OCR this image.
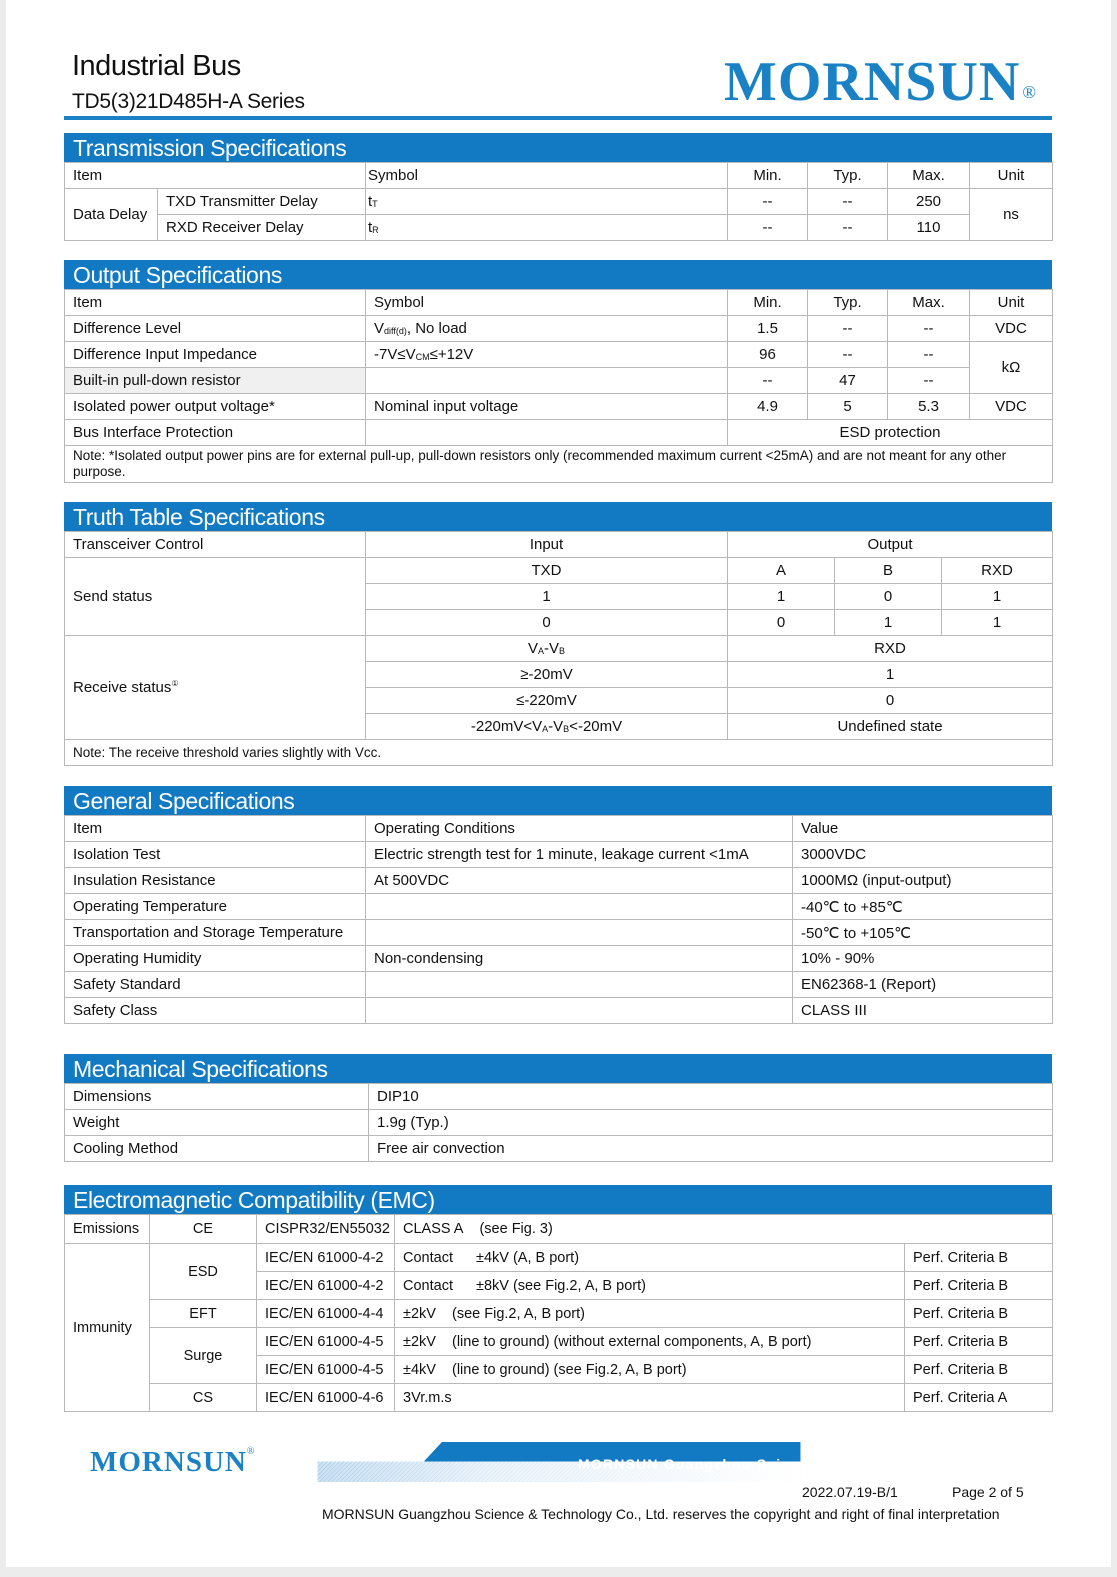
Industrial Bus
TD5(3)21D485H-A Series	MORNSUN ®
Transmission Specifications
Item		Symbol	Min.	Typ.	Max.	Unit
Data Delay	TXD Transmitter Delay	$t_T$	--	--	250	ns
	RXD Receiver Delay	$t_R$	--	--	110	
Output Specifications
Item	Symbol	Min.	Typ.	Max.	Unit
Difference Level	$V_{diff(d)}$, No load	1.5	--	--	VDC
Difference Input Impedance	$-7V\le V_{CM}\le+12V$	96	--	--	kΩ
Built-in pull-down resistor		--	47	--	
Isolated power output voltage*	Nominal input voltage	4.9	5	5.3	VDC
Bus Interface Protection		ESD protection			
Note: *Isolated output power pins are for external pull-up, pull-down resistors only (recommended maximum current <25mA) and are not meant for any other purpose.					
Truth Table Specifications
Transceiver Control	Input	Output		
Send status	TXD	A	B	RXD
	1	1	0	1
	0	0	1	1
Receive status①	$V_A-V_B$	RXD		
	≥-20mV	1		
	≤-220mV	0		
	$-220mV<V_A-V_B<-20mV$	Undefined state		
Note: The receive threshold varies slightly with Vcc.				
General Specifications
Item	Operating Conditions	Value
Isolation Test	Electric strength test for 1 minute, leakage current <1mA	3000VDC
Insulation Resistance	At 500VDC	1000MΩ (input-output)
Operating Temperature		-40℃ to +85℃
Transportation and Storage Temperature		-50℃ to +105℃
Operating Humidity	Non-condensing	10% - 90%
Safety Standard		EN62368-1 (Report)
Safety Class		CLASS III
Mechanical Specifications
Dimensions	DIP10
Weight	1.9g (Typ.)
Cooling Method	Free air convection
Electromagnetic Compatibility (EMC)
Emissions	CE	CISPR32/EN55032	CLASS A (see Fig. 3)	
Immunity	ESD	IEC/EN 61000-4-2	Contact ±4kV (A, B port)	Perf. Criteria B
		IEC/EN 61000-4-2	Contact ±8kV (see Fig.2, A, B port)	Perf. Criteria B
	EFT	IEC/EN 61000-4-4	±2kV (see Fig.2, A, B port)	Perf. Criteria B
	Surge	IEC/EN 61000-4-5	±2kV (line to ground) (without external components, A, B port)	Perf. Criteria B
		IEC/EN 61000-4-5	±4kV (line to ground) (see Fig.2, A, B port)	Perf. Criteria B
	CS	IEC/EN 61000-4-6	3Vr.m.s	Perf. Criteria A
MORNSUN®
MORNSUN Guangzhou Science & Technology Co., Ltd.
2022.07.19-B/1	Page 2 of 5
MORNSUN Guangzhou Science & Technology Co., Ltd. reserves the copyright and right of final interpretation
